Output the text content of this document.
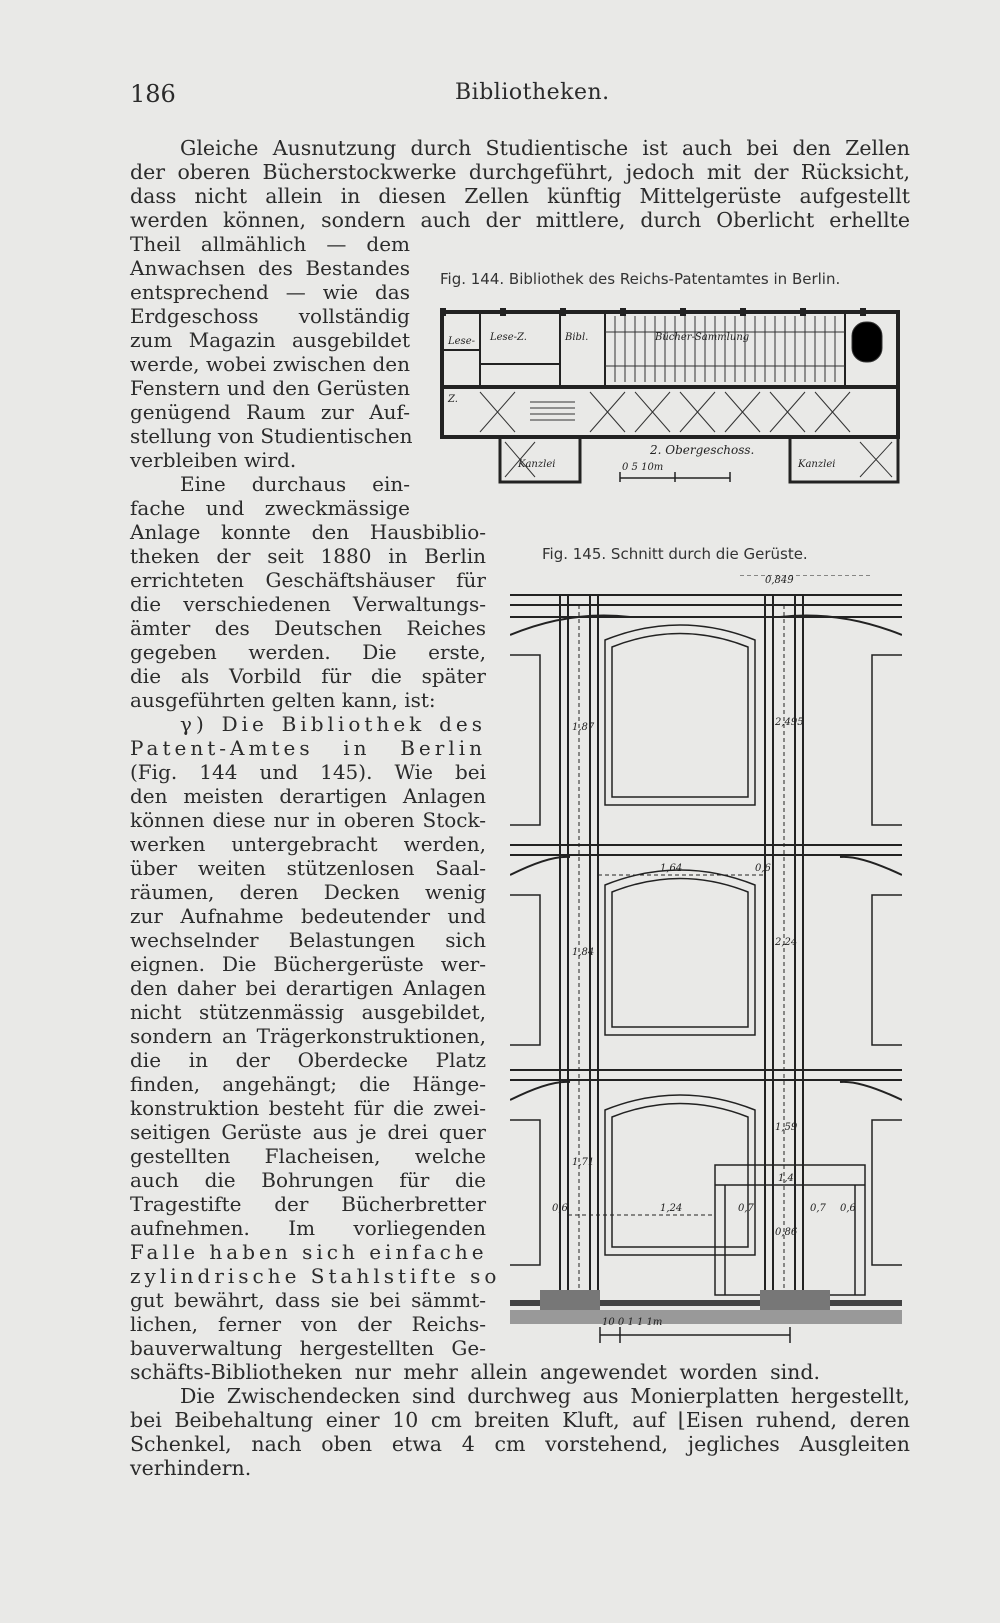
186	Bibliotheken.
Gleiche Ausnutzung durch Studientische ist auch bei den Zellen
der oberen Bücherstockwerke durchgeführt, jedoch mit der Rücksicht,
dass nicht allein in diesen Zellen künftig Mittelgerüste aufgestellt
werden können, sondern auch der mittlere, durch Oberlicht erhellte
Theil allmählich — dem
Anwachsen des Bestandes
entsprechend — wie das
Erdgeschoss vollständig
zum Magazin ausgebildet
werde, wobei zwischen den
Fenstern und den Gerüsten
genügend Raum zur Auf-
stellung von Studientischen
verbleiben wird.
Eine durchaus ein-
fache und zweckmässige
Anlage konnte den Hausbiblio-
theken der seit 1880 in Berlin
errichteten Geschäftshäuser für
die verschiedenen Verwaltungs-
ämter des Deutschen Reiches
gegeben werden. Die erste,
die als Vorbild für die später
ausgeführten gelten kann, ist:
γ) Die Bibliothek des
Patent-Amtes in Berlin
(Fig. 144 und 145). Wie bei
den meisten derartigen Anlagen
können diese nur in oberen Stock-
werken untergebracht werden,
über weiten stützenlosen Saal-
räumen, deren Decken wenig
zur Aufnahme bedeutender und
wechselnder Belastungen sich
eignen. Die Büchergerüste wer-
den daher bei derartigen Anlagen
nicht stützenmässig ausgebildet,
sondern an Trägerkonstruktionen,
die in der Oberdecke Platz
finden, angehängt; die Hänge-
konstruktion besteht für die zwei-
seitigen Gerüste aus je drei quer
gestellten Flacheisen, welche
auch die Bohrungen für die
Tragestifte der Bücherbretter
aufnehmen. Im vorliegenden
Falle haben sich einfache
zylindrische Stahlstifte so
gut bewährt, dass sie bei sämmt-
lichen, ferner von der Reichs-
bauverwaltung hergestellten Ge-
schäfts-Bibliotheken nur mehr allein angewendet worden sind.
Die Zwischendecken sind durchweg aus Monierplatten hergestellt,
bei Beibehaltung einer 10 cm breiten Kluft, auf ⌊Eisen ruhend, deren
Schenkel, nach oben etwa 4 cm vorstehend, jegliches Ausgleiten
verhindern.
Fig. 144. Bibliothek des Reichs-Patentamtes in Berlin.
Lese- Lese-Z.	Bibl.	Bücher-Sammlung
Z.
2. Obergeschoss.
Kanzlei	Kanzlei
0 5 10m
Fig. 145. Schnitt durch die Gerüste.
0,849
1,87	2,495
1,64	0,6
1,84
2,24
1,59
1,71
1,24
0,6	0,7	0,7 0,6
0,86
1,4
10 0 1 1 1m
